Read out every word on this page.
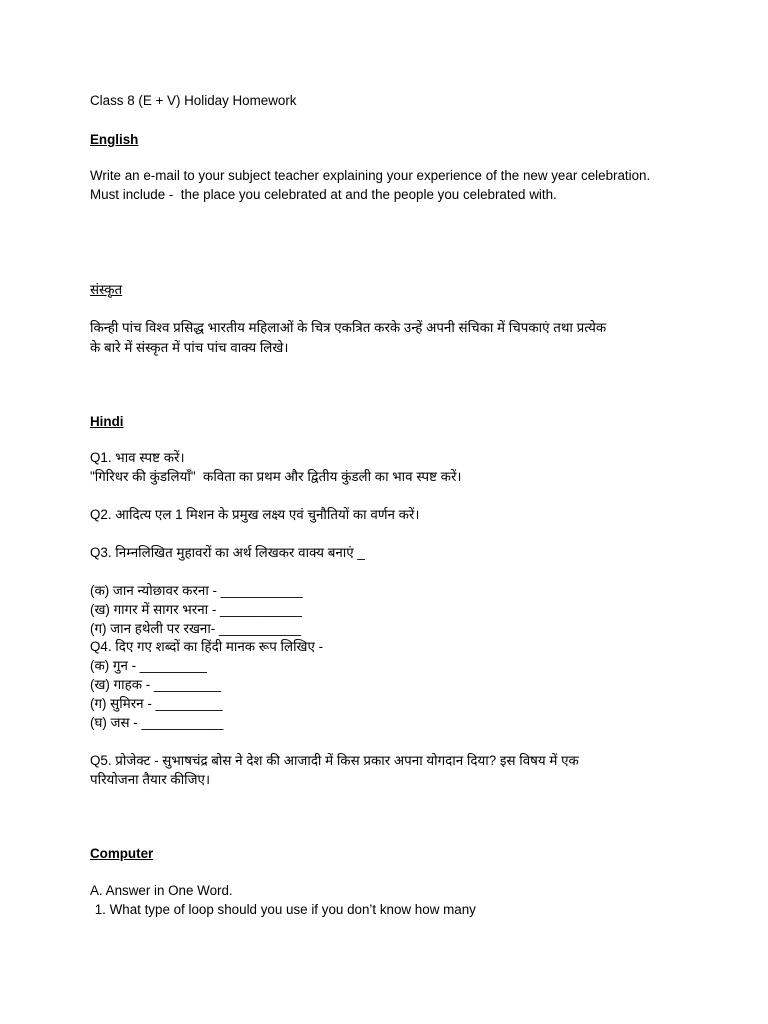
Class 8 (E + V) Holiday Homework
English
Write an e-mail to your subject teacher explaining your experience of the new year celebration.
Must include -  the place you celebrated at and the people you celebrated with.
संस्कृत
किन्ही पांच विश्व प्रसिद्ध भारतीय महिलाओं के चित्र एकत्रित करके उन्हें अपनी संचिका में चिपकाएं तथा प्रत्येक
के बारे में संस्कृत में पांच पांच वाक्य लिखे।
Hindi
Q1. भाव स्पष्ट करें।
"गिरिधर की कुंडलियाँ"  कविता का प्रथम और द्वितीय कुंडली का भाव स्पष्ट करें।
Q2. आदित्य एल 1 मिशन के प्रमुख लक्ष्य एवं चुनौतियों का वर्णन करें।
Q3. निम्नलिखित मुहावरों का अर्थ लिखकर वाक्य बनाएं _
(क) जान न्योछावर करना - ___________
(ख) गागर में सागर भरना - ___________
(ग) जान हथेली पर रखना- ___________
Q4. दिए गए शब्दों का हिंदी मानक रूप लिखिए -
(क) गुन - _________
(ख) गाहक - _________
(ग) सुमिरन - _________
(घ) जस - ___________
Q5. प्रोजेक्ट - सुभाषचंद्र बोस ने देश की आजादी में किस प्रकार अपना योगदान दिया? इस विषय में एक
परियोजना तैयार कीजिए।
Computer
A. Answer in One Word.
1. What type of loop should you use if you don’t know how many
